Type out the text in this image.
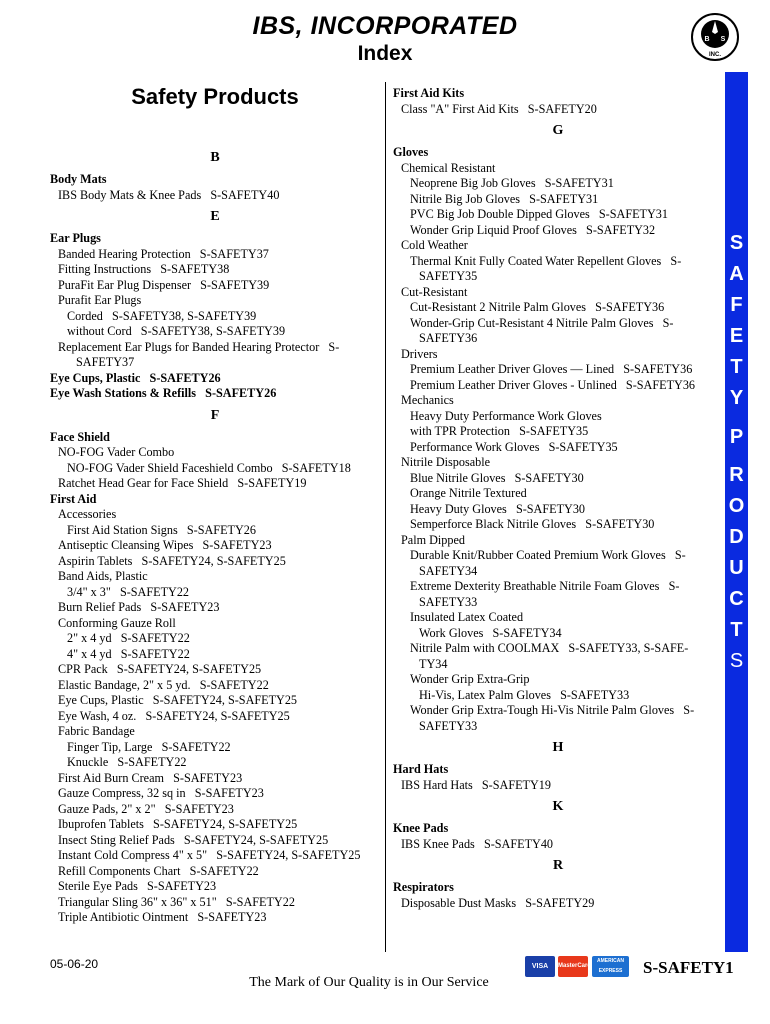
IBS, INCORPORATED
Index
I
B S
INC.
S
A
F
E
T
Y
P
R
O
D
U
C
T
S
Safety Products
B
Body Mats
IBS Body Mats & Knee Pads   S-SAFETY40
E
Ear Plugs
Banded Hearing Protection   S-SAFETY37
Fitting Instructions   S-SAFETY38
PuraFit Ear Plug Dispenser   S-SAFETY39
Purafit Ear Plugs
Corded   S-SAFETY38, S-SAFETY39
without Cord   S-SAFETY38, S-SAFETY39
Replacement Ear Plugs for Banded Hearing Protector   S-
SAFETY37
Eye Cups, Plastic   S-SAFETY26
Eye Wash Stations & Refills   S-SAFETY26
F
Face Shield
NO-FOG Vader Combo
NO-FOG Vader Shield Faceshield Combo   S-SAFETY18
Ratchet Head Gear for Face Shield   S-SAFETY19
First Aid
Accessories
First Aid Station Signs   S-SAFETY26
Antiseptic Cleansing Wipes   S-SAFETY23
Aspirin Tablets   S-SAFETY24, S-SAFETY25
Band Aids, Plastic
3/4" x 3"   S-SAFETY22
Burn Relief Pads   S-SAFETY23
Conforming Gauze Roll
2" x 4 yd   S-SAFETY22
4" x 4 yd   S-SAFETY22
CPR Pack   S-SAFETY24, S-SAFETY25
Elastic Bandage, 2" x 5 yd.   S-SAFETY22
Eye Cups, Plastic   S-SAFETY24, S-SAFETY25
Eye Wash, 4 oz.   S-SAFETY24, S-SAFETY25
Fabric Bandage
Finger Tip, Large   S-SAFETY22
Knuckle   S-SAFETY22
First Aid Burn Cream   S-SAFETY23
Gauze Compress, 32 sq in   S-SAFETY23
Gauze Pads, 2" x 2"   S-SAFETY23
Ibuprofen Tablets   S-SAFETY24, S-SAFETY25
Insect Sting Relief Pads   S-SAFETY24, S-SAFETY25
Instant Cold Compress 4" x 5"   S-SAFETY24, S-SAFETY25
Refill Components Chart   S-SAFETY22
Sterile Eye Pads   S-SAFETY23
Triangular Sling 36" x 36" x 51"   S-SAFETY22
Triple Antibiotic Ointment   S-SAFETY23
First Aid Kits
Class "A" First Aid Kits   S-SAFETY20
G
Gloves
Chemical Resistant
Neoprene Big Job Gloves   S-SAFETY31
Nitrile Big Job Gloves   S-SAFETY31
PVC Big Job Double Dipped Gloves   S-SAFETY31
Wonder Grip Liquid Proof Gloves   S-SAFETY32
Cold Weather
Thermal Knit Fully Coated Water Repellent Gloves   S-
SAFETY35
Cut-Resistant
Cut-Resistant 2 Nitrile Palm Gloves   S-SAFETY36
Wonder-Grip Cut-Resistant 4 Nitrile Palm Gloves   S-
SAFETY36
Drivers
Premium Leather Driver Gloves — Lined   S-SAFETY36
Premium Leather Driver Gloves - Unlined   S-SAFETY36
Mechanics
Heavy Duty Performance Work Gloves
with TPR Protection   S-SAFETY35
Performance Work Gloves   S-SAFETY35
Nitrile Disposable
Blue Nitrile Gloves   S-SAFETY30
Orange Nitrile Textured
Heavy Duty Gloves   S-SAFETY30
Semperforce Black Nitrile Gloves   S-SAFETY30
Palm Dipped
Durable Knit/Rubber Coated Premium Work Gloves   S-
SAFETY34
Extreme Dexterity Breathable Nitrile Foam Gloves   S-
SAFETY33
Insulated Latex Coated
Work Gloves   S-SAFETY34
Nitrile Palm with COOLMAX   S-SAFETY33, S-SAFE-
TY34
Wonder Grip Extra-Grip
Hi-Vis, Latex Palm Gloves   S-SAFETY33
Wonder Grip Extra-Tough Hi-Vis Nitrile Palm Gloves   S-
SAFETY33
H
Hard Hats
IBS Hard Hats   S-SAFETY19
K
Knee Pads
IBS Knee Pads   S-SAFETY40
R
Respirators
Disposable Dust Masks   S-SAFETY29
05-06-20	VISA	MasterCard
AMERICAN EXPRESS	S-SAFETY1
The Mark of Our Quality is in Our Service
